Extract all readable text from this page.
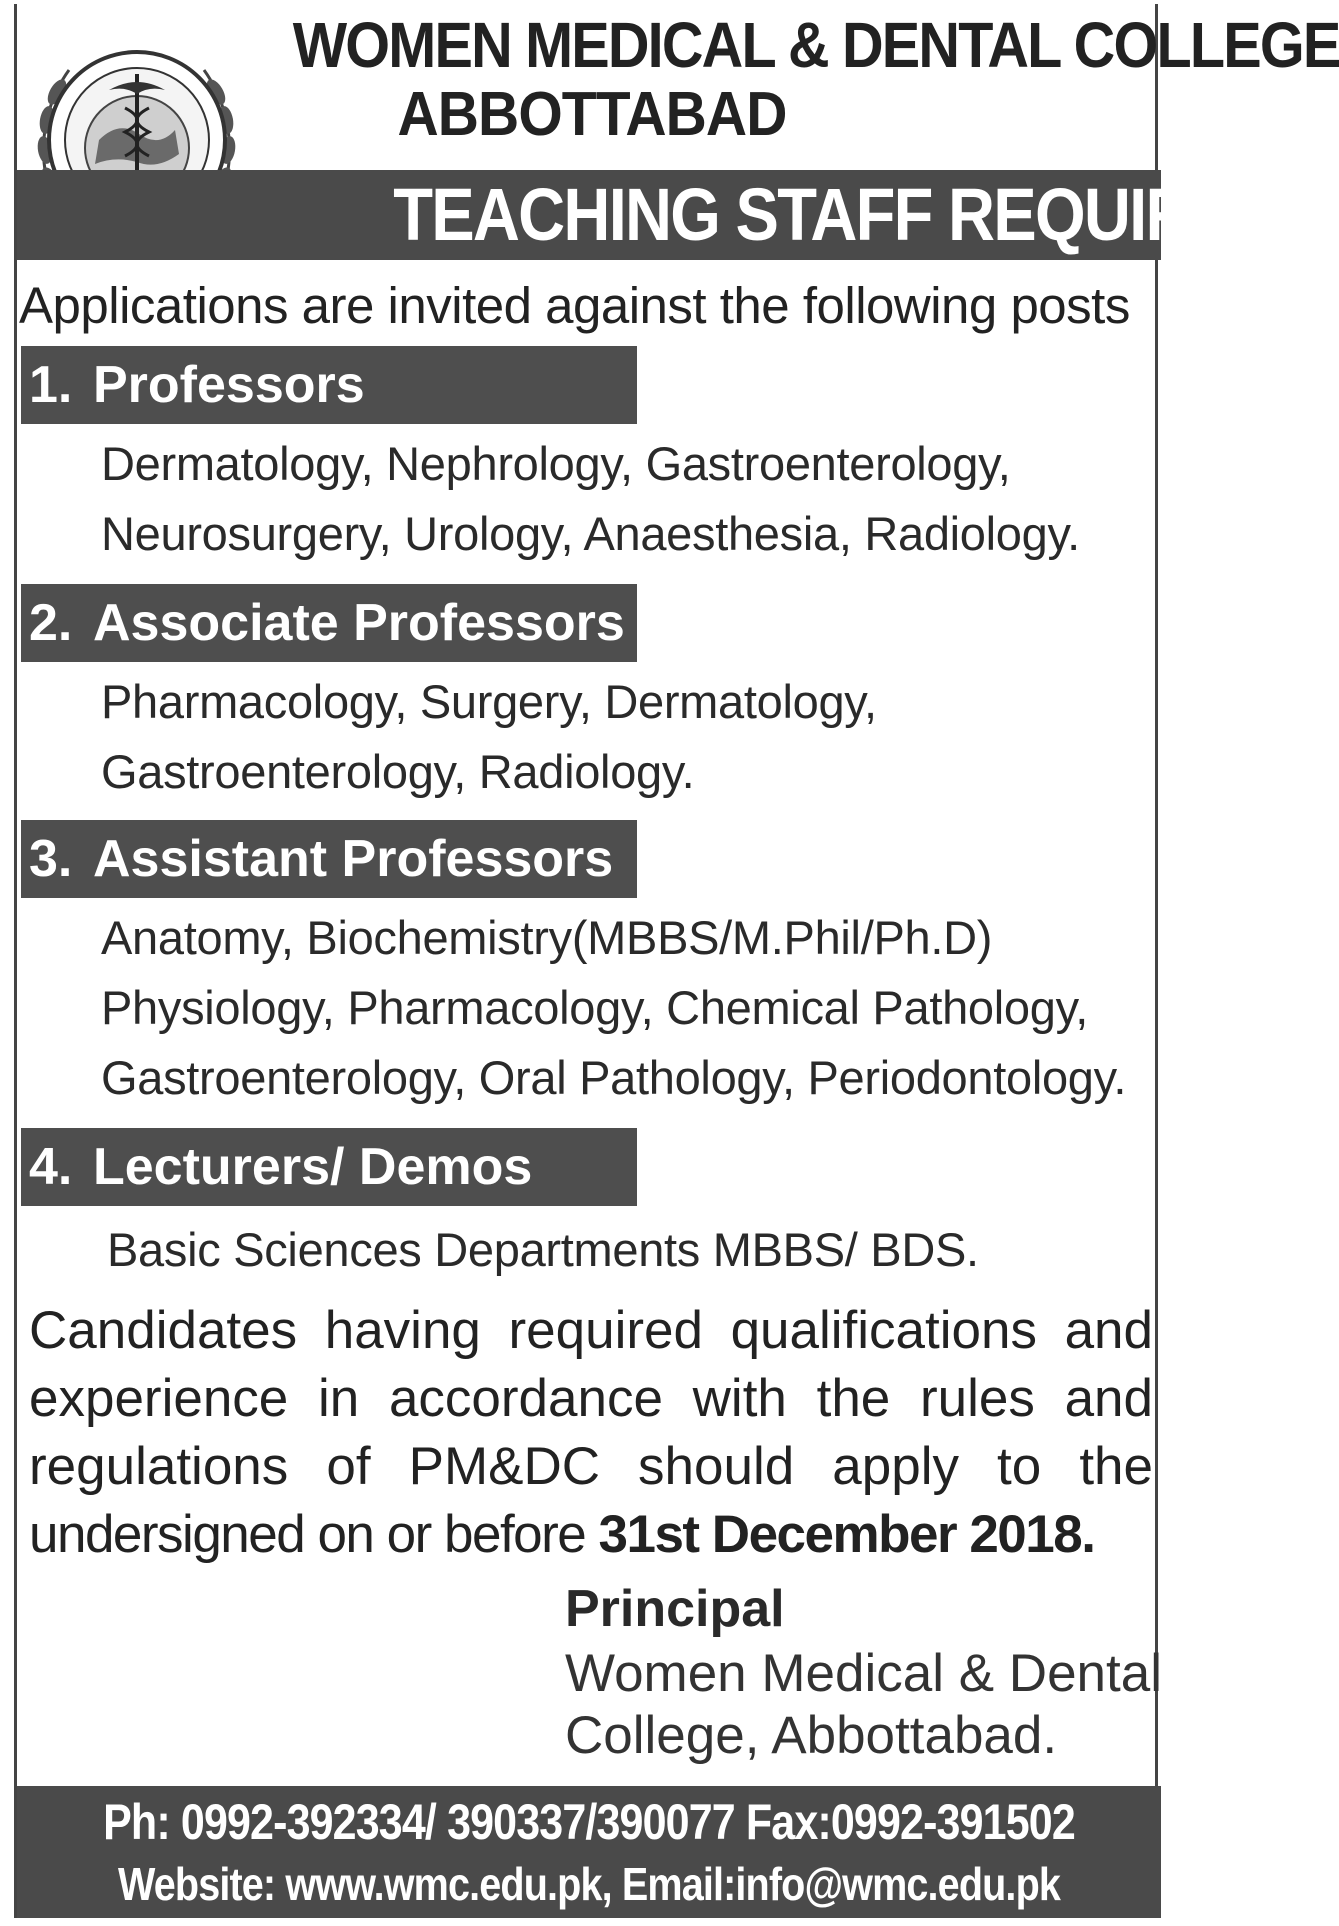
WOMEN MEDICAL & DENTAL COLLEGE
ABBOTTABAD
TEACHING STAFF REQUIRED
Applications are invited against the following posts
1. Professors
Dermatology, Nephrology, Gastroenterology,
Neurosurgery, Urology, Anaesthesia, Radiology.
2. Associate Professors
Pharmacology, Surgery, Dermatology,
Gastroenterology, Radiology.
3. Assistant Professors
Anatomy, Biochemistry(MBBS/M.Phil/Ph.D)
Physiology, Pharmacology, Chemical Pathology,
Gastroenterology, Oral Pathology, Periodontology.
4. Lecturers/ Demos
Basic Sciences Departments MBBS/ BDS.
Candidates having required qualifications and
experience in accordance with the rules and
regulations of PM&DC should apply to the
undersigned on or before 31st December 2018.
Principal
Women Medical & Dental
College, Abbottabad.
Ph: 0992-392334/ 390337/390077 Fax:0992-391502
Website: www.wmc.edu.pk, Email:info@wmc.edu.pk
